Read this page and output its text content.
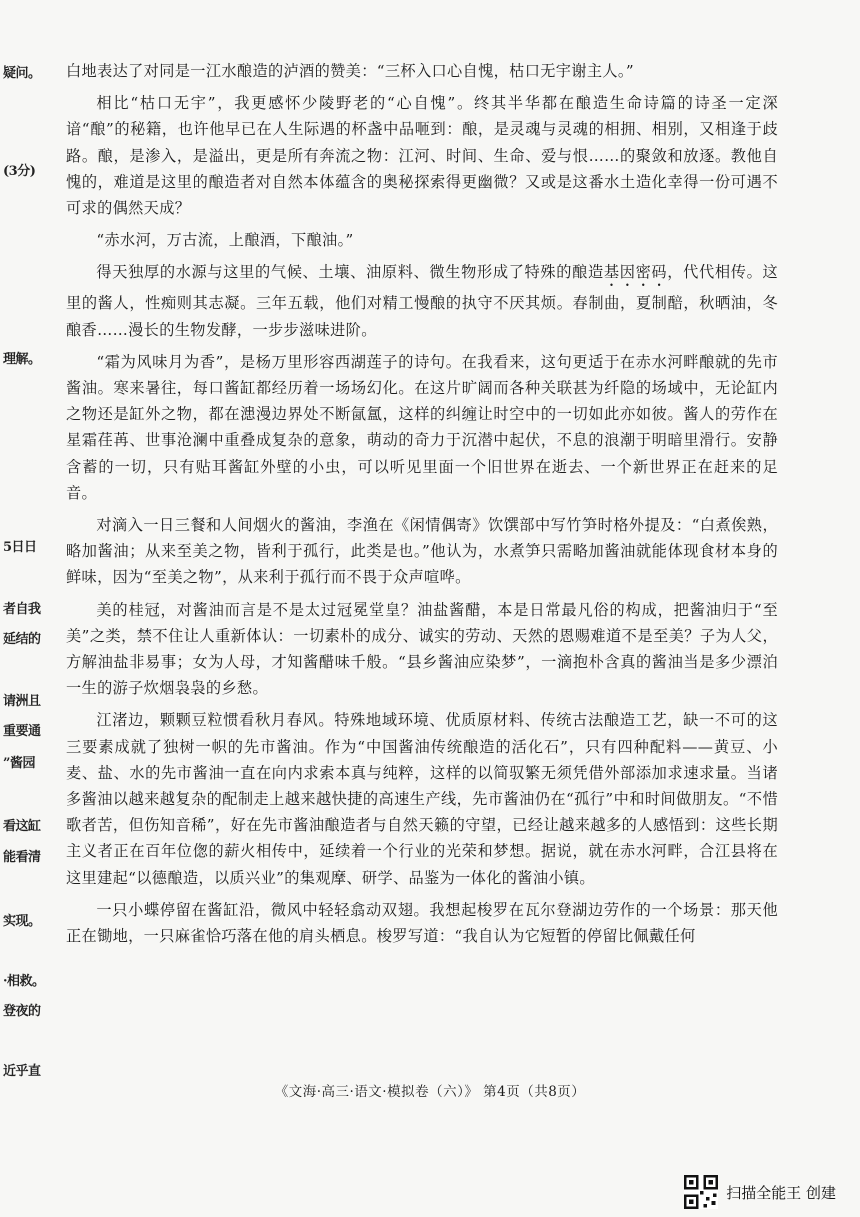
疑问。
(3分)
理解。
5日日
者自我
延结的
请洲且
重要通
”酱园
看这缸
能看清
实现。
·相救。
登夜的
近乎直

白地表达了对同是一江水酿造的泸酒的赞美：“三杯入口心自愧，枯口无宇谢主人。”

相比“枯口无宇”，我更感怀少陵野老的“心自愧”。终其半华都在酿造生命诗篇的诗圣一定深谙“酿”的秘籍，也许他早已在人生际遇的杯盏中品咂到：酿，是灵魂与灵魂的相拥、相别，又相逢于歧路。酿，是渗入，是溢出，更是所有奔流之物：江河、时间、生命、爱与恨……的聚敛和放逐。教他自愧的，难道是这里的酿造者对自然本体蕴含的奥秘探索得更幽微？又或是这番水土造化幸得一份可遇不可求的偶然天成？

“赤水河，万古流，上酿酒，下酿油。”

得天独厚的水源与这里的气候、土壤、油原料、微生物形成了特殊的酿造基因密码，代代相传。这里的酱人，性痴则其志凝。三年五载，他们对精工慢酿的执守不厌其烦。春制曲，夏制醅，秋晒油，冬酿香……漫长的生物发酵，一步步滋味进阶。

“霜为风味月为香”，是杨万里形容西湖莲子的诗句。在我看来，这句更适于在赤水河畔酿就的先市酱油。寒来暑往，每口酱缸都经历着一场场幻化。在这片旷阔而各种关联甚为纤隐的场域中，无论缸内之物还是缸外之物，都在漶漫边界处不断氤氲，这样的纠缠让时空中的一切如此亦如彼。酱人的劳作在星霜荏苒、世事沧澜中重叠成复杂的意象，萌动的奇力于沉潜中起伏，不息的浪潮于明暗里滑行。安静含蓄的一切，只有贴耳酱缸外壁的小虫，可以听见里面一个旧世界在逝去、一个新世界正在赶来的足音。

对滴入一日三餐和人间烟火的酱油，李渔在《闲情偶寄》饮馔部中写竹笋时格外提及：“白煮俟熟，略加酱油；从来至美之物，皆利于孤行，此类是也。”他认为，水煮笋只需略加酱油就能体现食材本身的鲜味，因为“至美之物”，从来利于孤行而不畏于众声喧哗。

美的桂冠，对酱油而言是不是太过冠冕堂皇？油盐酱醋，本是日常最凡俗的构成，把酱油归于“至美”之类，禁不住让人重新体认：一切素朴的成分、诚实的劳动、天然的恩赐难道不是至美？子为人父，方解油盐非易事；女为人母，才知酱醋味千般。“县乡酱油应染梦”，一滴抱朴含真的酱油当是多少漂泊一生的游子炊烟袅袅的乡愁。

江渚边，颗颗豆粒惯看秋月春风。特殊地域环境、优质原材料、传统古法酿造工艺，缺一不可的这三要素成就了独树一帜的先市酱油。作为“中国酱油传统酿造的活化石”，只有四种配料——黄豆、小麦、盐、水的先市酱油一直在向内求索本真与纯粹，这样的以简驭繁无须凭借外部添加求速求量。当诸多酱油以越来越复杂的配制走上越来越快捷的高速生产线，先市酱油仍在“孤行”中和时间做朋友。“不惜歌者苦，但伤知音稀”，好在先市酱油酿造者与自然天籁的守望，已经让越来越多的人感悟到：这些长期主义者正在百年位偬的薪火相传中，延续着一个行业的光荣和梦想。据说，就在赤水河畔，合江县将在这里建起“以德酿造，以质兴业”的集观摩、研学、品鉴为一体化的酱油小镇。

一只小蝶停留在酱缸沿，微风中轻轻翕动双翅。我想起梭罗在瓦尔登湖边劳作的一个场景：那天他正在锄地，一只麻雀恰巧落在他的肩头栖息。梭罗写道：“我自认为它短暂的停留比佩戴任何

《文海·高三·语文·模拟卷（六）》 第4页（共8页）
扫描全能王 创建
